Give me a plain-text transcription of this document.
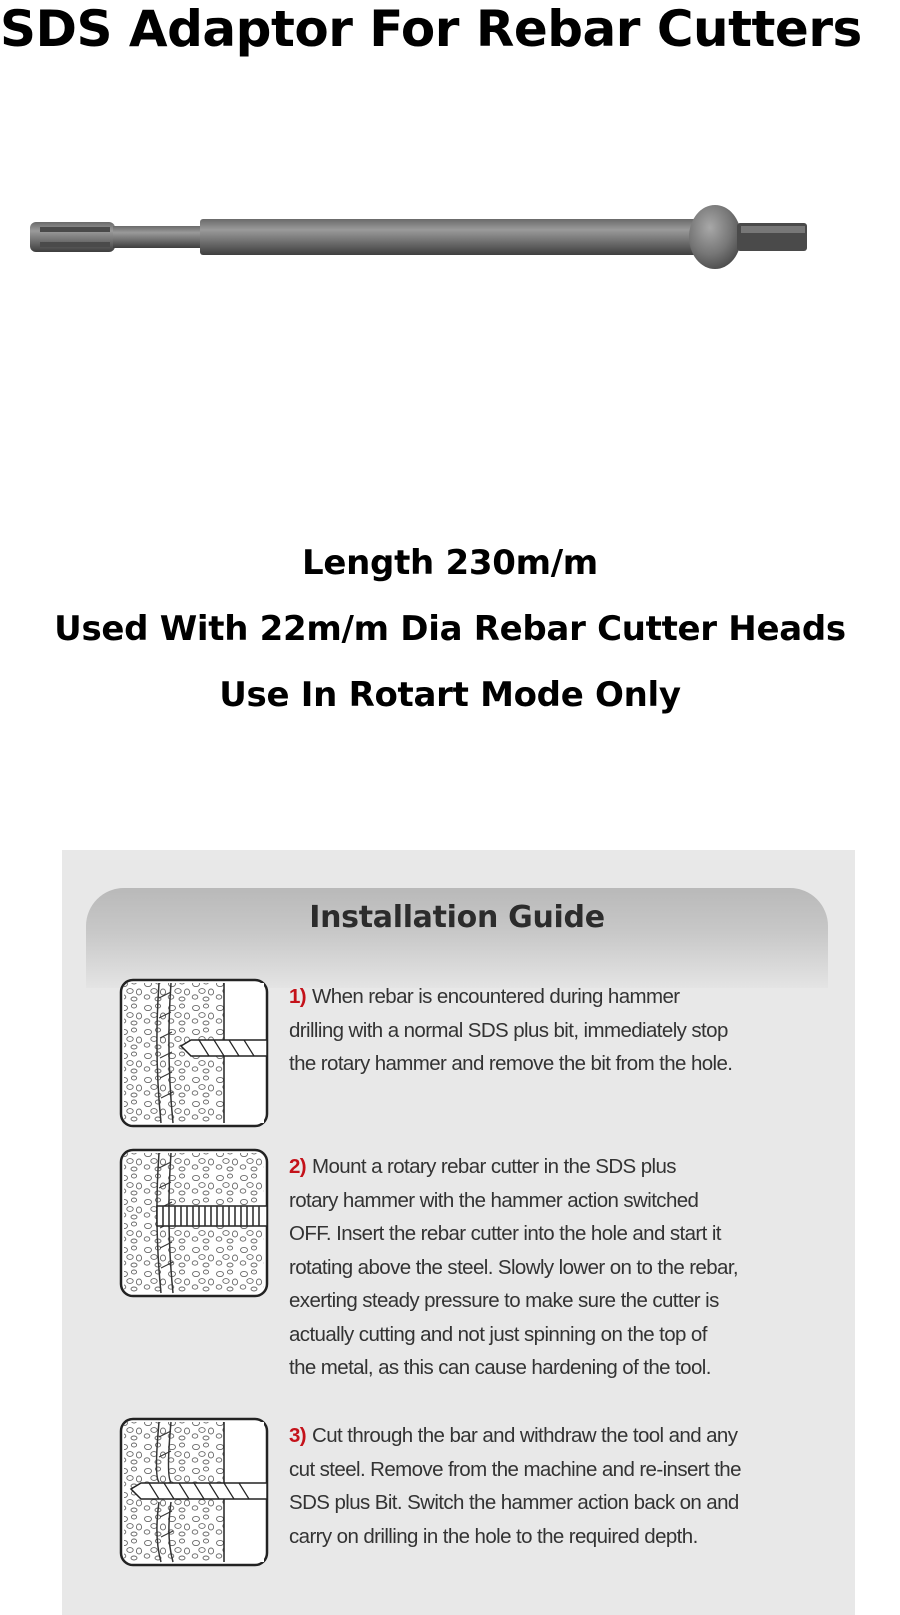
SDS Adaptor For Rebar Cutters
Length 230m/m
Used With 22m/m Dia Rebar Cutter Heads
Use In Rotart Mode Only
Installation Guide
1) When rebar is encountered during hammer
drilling with a normal SDS plus bit, immediately stop
the rotary hammer and remove the bit from the hole.
2) Mount a rotary rebar cutter in the SDS plus
rotary hammer with the hammer action switched
OFF. Insert the rebar cutter into the hole and start it
rotating above the steel. Slowly lower on to the rebar,
exerting steady pressure to make sure the cutter is
actually cutting and not just spinning on the top of
the metal, as this can cause hardening of the tool.
3) Cut through the bar and withdraw the tool and any
cut steel. Remove from the machine and re-insert the
SDS plus Bit. Switch the hammer action back on and
carry on drilling in the hole to the required depth.
